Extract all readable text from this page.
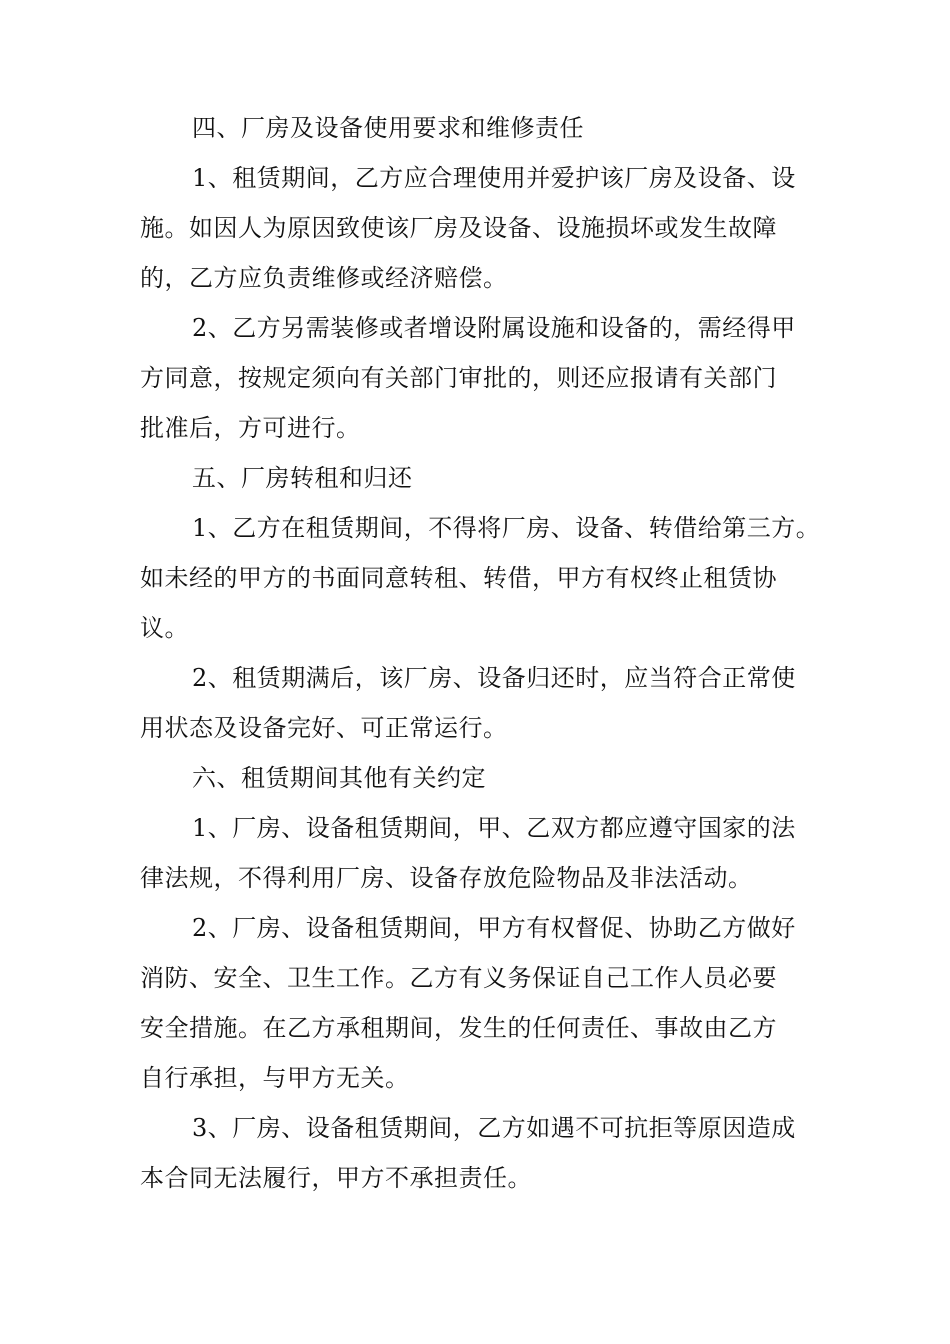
四、厂房及设备使用要求和维修责任
1、租赁期间，乙方应合理使用并爱护该厂房及设备、设
施。如因人为原因致使该厂房及设备、设施损坏或发生故障
的，乙方应负责维修或经济赔偿。
2、乙方另需装修或者增设附属设施和设备的，需经得甲
方同意，按规定须向有关部门审批的，则还应报请有关部门
批准后，方可进行。
五、厂房转租和归还
1、乙方在租赁期间，不得将厂房、设备、转借给第三方。
如未经的甲方的书面同意转租、转借，甲方有权终止租赁协
议。
2、租赁期满后，该厂房、设备归还时，应当符合正常使
用状态及设备完好、可正常运行。
六、租赁期间其他有关约定
1、厂房、设备租赁期间，甲、乙双方都应遵守国家的法
律法规，不得利用厂房、设备存放危险物品及非法活动。
2、厂房、设备租赁期间，甲方有权督促、协助乙方做好
消防、安全、卫生工作。乙方有义务保证自己工作人员必要
安全措施。在乙方承租期间，发生的任何责任、事故由乙方
自行承担，与甲方无关。
3、厂房、设备租赁期间，乙方如遇不可抗拒等原因造成
本合同无法履行，甲方不承担责任。
